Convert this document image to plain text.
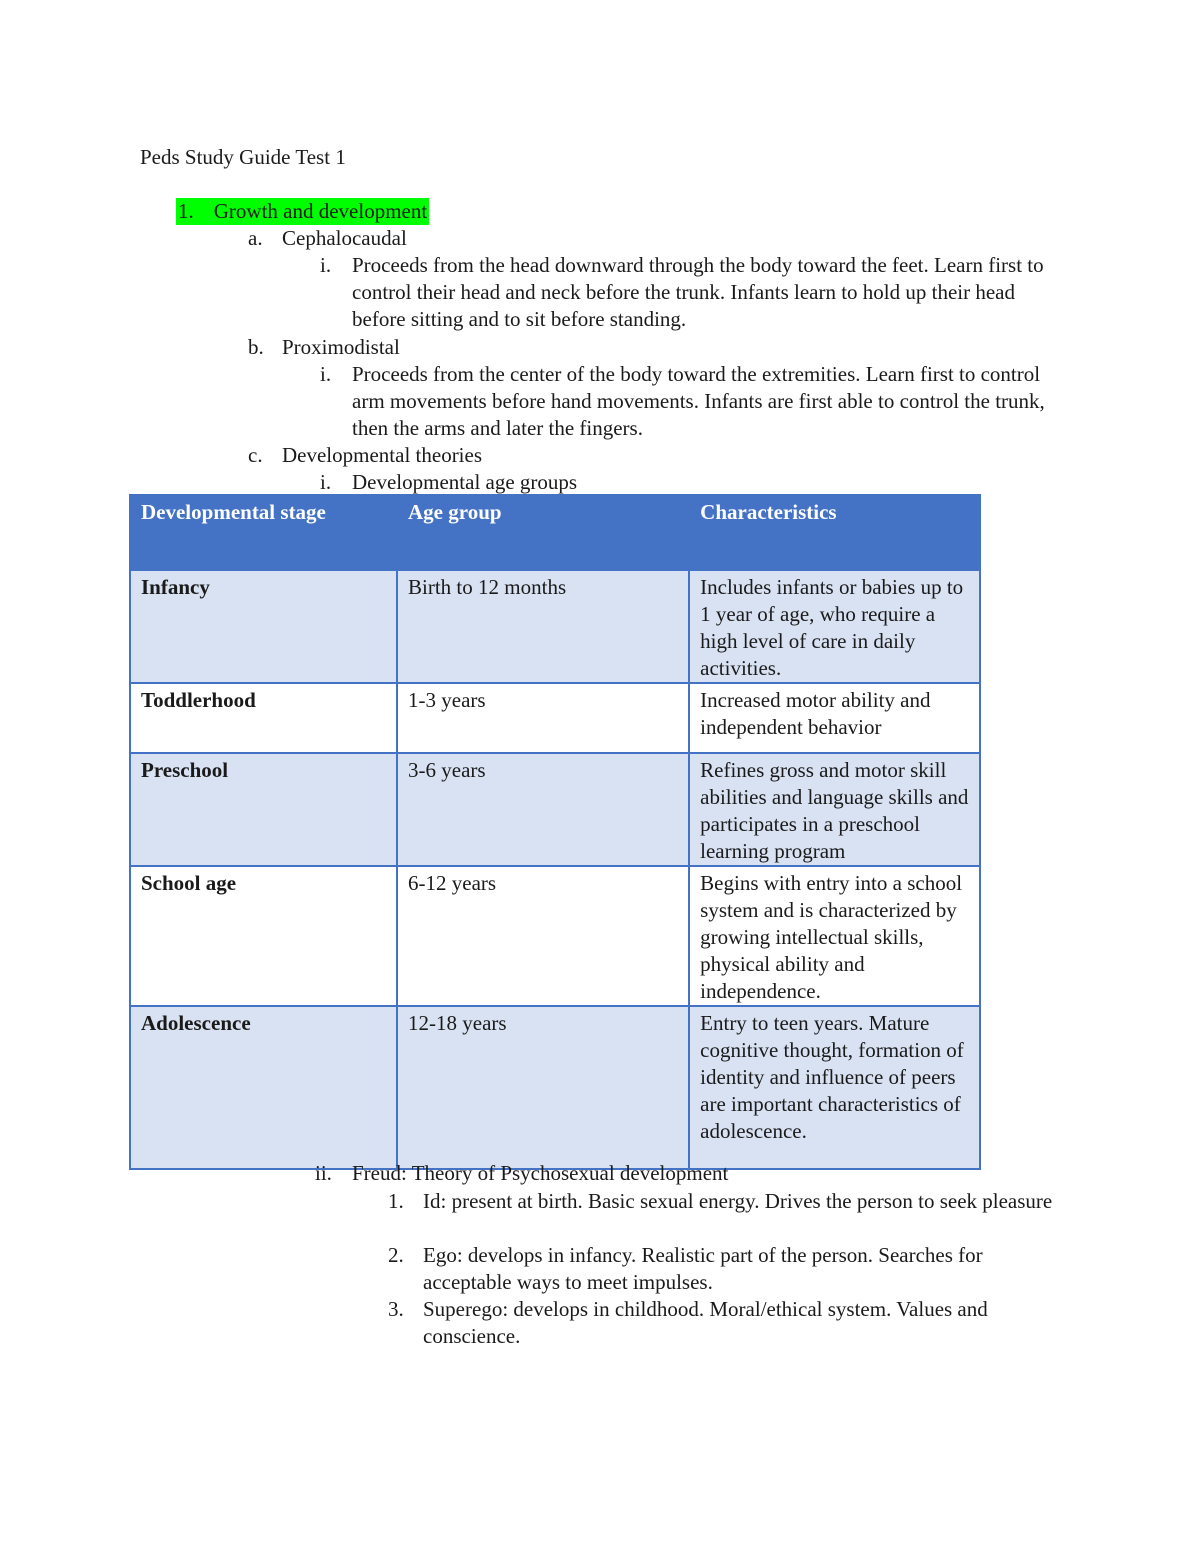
Peds Study Guide Test 1
1. Growth and development
a. Cephalocaudal
i. Proceeds from the head downward through the body toward the feet. Learn first to control their head and neck before the trunk. Infants learn to hold up their head before sitting and to sit before standing.
b. Proximodistal
i. Proceeds from the center of the body toward the extremities. Learn first to control arm movements before hand movements. Infants are first able to control the trunk, then the arms and later the fingers.
c. Developmental theories
i. Developmental age groups
Developmental stage	Age group	Characteristics
Infancy	Birth to 12 months	Includes infants or babies up to 1 year of age, who require a high level of care in daily activities.
Toddlerhood	1-3 years	Increased motor ability and independent behavior
Preschool	3-6 years	Refines gross and motor skill abilities and language skills and participates in a preschool learning program
School age	6-12 years	Begins with entry into a school system and is characterized by growing intellectual skills, physical ability and independence.
Adolescence	12-18 years	Entry to teen years. Mature cognitive thought, formation of identity and influence of peers are important characteristics of adolescence.
ii. Freud: Theory of Psychosexual development
1. Id: present at birth. Basic sexual energy. Drives the person to seek pleasure
2. Ego: develops in infancy. Realistic part of the person. Searches for acceptable ways to meet impulses.
3. Superego: develops in childhood. Moral/ethical system. Values and conscience.
